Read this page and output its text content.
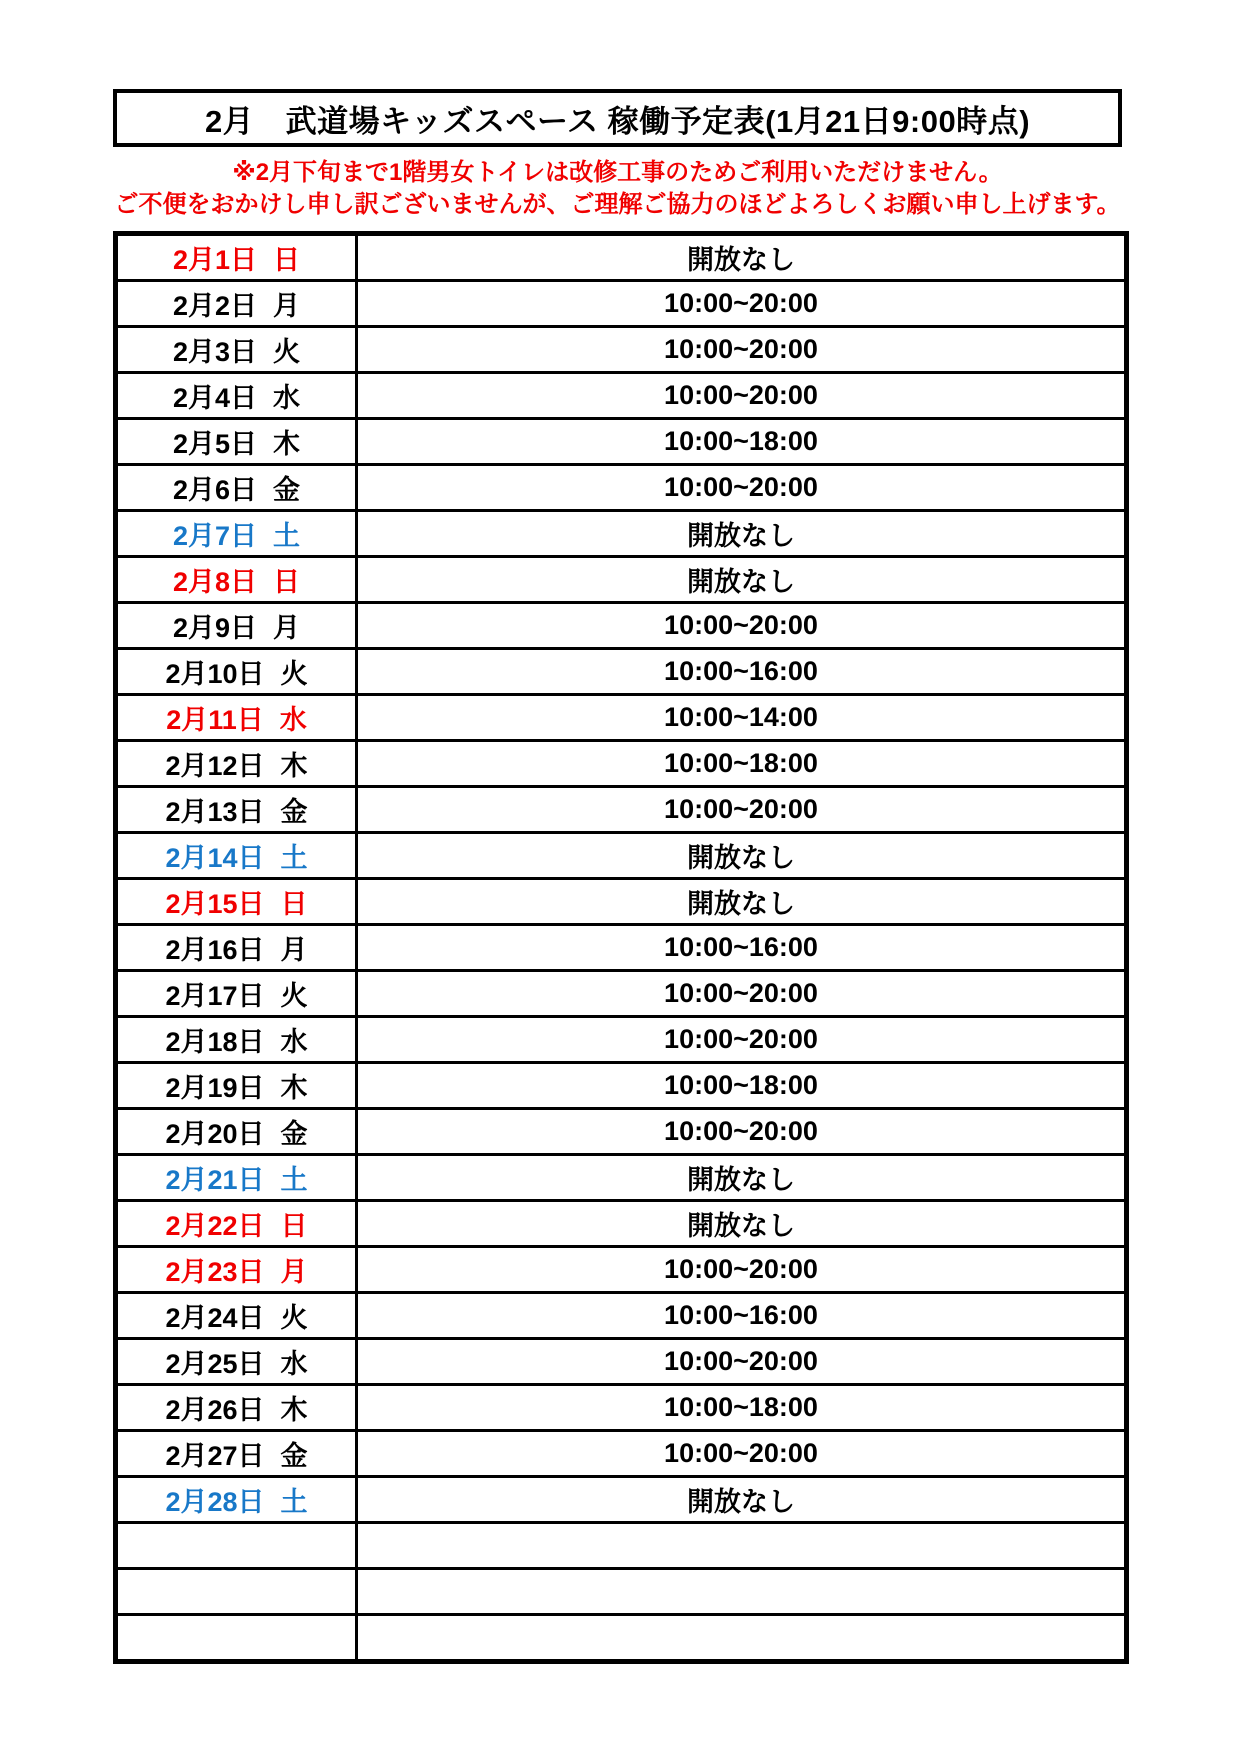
2月　武道場キッズスペース 稼働予定表(1月21日9:00時点)
※2月下旬まで1階男女トイレは改修工事のためご利用いただけません。
ご不便をおかけし申し訳ございませんが、ご理解ご協力のほどよろしくお願い申し上げます。
2月1日 日	開放なし

2月2日 月	10:00~20:00

2月3日 火	10:00~20:00

2月4日 水	10:00~20:00

2月5日 木	10:00~18:00

2月6日 金	10:00~20:00

2月7日 土	開放なし

2月8日 日	開放なし

2月9日 月	10:00~20:00

2月10日 火	10:00~16:00

2月11日 水	10:00~14:00

2月12日 木	10:00~18:00

2月13日 金	10:00~20:00

2月14日 土	開放なし

2月15日 日	開放なし

2月16日 月	10:00~16:00

2月17日 火	10:00~20:00

2月18日 水	10:00~20:00

2月19日 木	10:00~18:00

2月20日 金	10:00~20:00

2月21日 土	開放なし

2月22日 日	開放なし

2月23日 月	10:00~20:00

2月24日 火	10:00~16:00

2月25日 水	10:00~20:00

2月26日 木	10:00~18:00

2月27日 金	10:00~20:00

2月28日 土	開放なし
